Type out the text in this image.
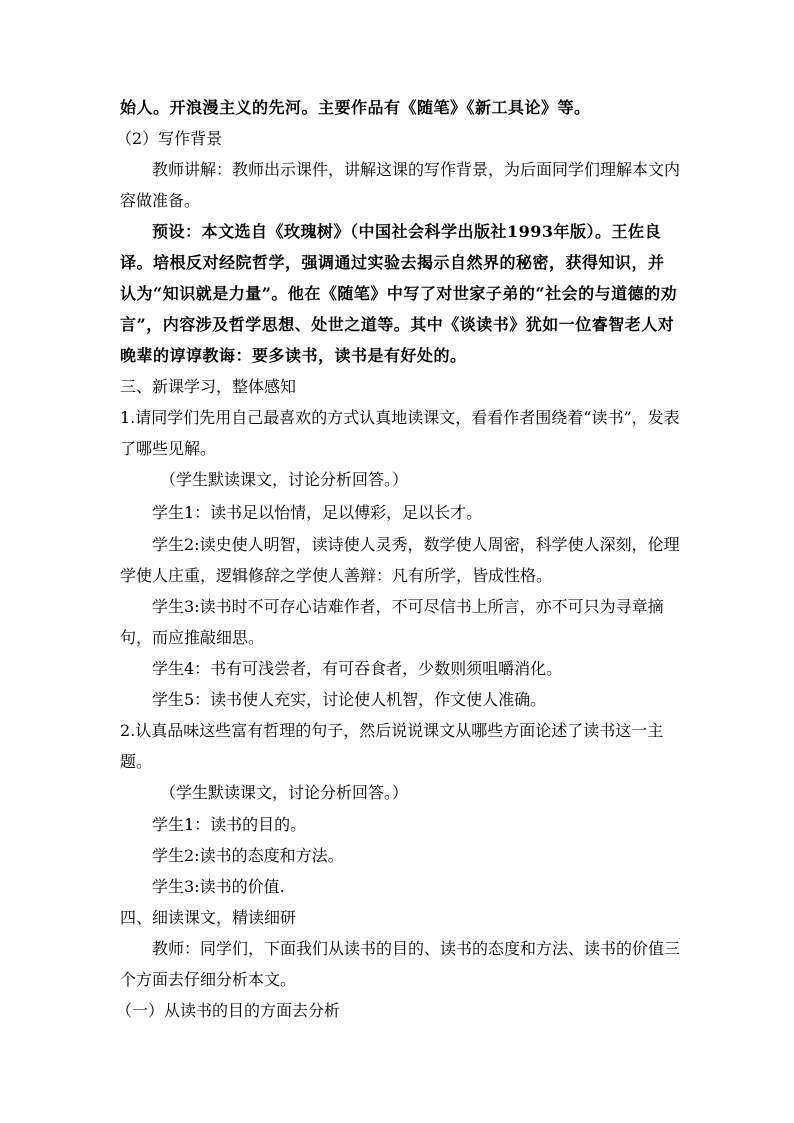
始人。开浪漫主义的先河。主要作品有《随笔》《新工具论》等。
（2）写作背景
教师讲解：教师出示课件，讲解这课的写作背景，为后面同学们理解本文内容做准备。
预设：本文选自《玫瑰树》（中国社会科学出版社1993年版）。王佐良译。培根反对经院哲学，强调通过实验去揭示自然界的秘密，获得知识，并认为“知识就是力量”。他在《随笔》中写了对世家子弟的“社会的与道德的劝言”，内容涉及哲学思想、处世之道等。其中《谈读书》犹如一位睿智老人对晚辈的谆谆教诲：要多读书，读书是有好处的。
三、新课学习，整体感知
1.请同学们先用自己最喜欢的方式认真地读课文，看看作者围绕着“读书”，发表了哪些见解。
（学生默读课文，讨论分析回答。）
学生1：读书足以怡情，足以傅彩，足以长才。
学生2:读史使人明智，读诗使人灵秀，数学使人周密，科学使人深刻，伦理学使人庄重，逻辑修辞之学使人善辩：凡有所学，皆成性格。
学生3:读书时不可存心诘难作者，不可尽信书上所言，亦不可只为寻章摘句，而应推敲细思。
学生4：书有可浅尝者，有可吞食者，少数则须咀嚼消化。
学生5：读书使人充实，讨论使人机智，作文使人准确。
2.认真品味这些富有哲理的句子，然后说说课文从哪些方面论述了读书这一主题。
（学生默读课文，讨论分析回答。）
学生1：读书的目的。
学生2:读书的态度和方法。
学生3:读书的价值.
四、细读课文，精读细研
教师：同学们，下面我们从读书的目的、读书的态度和方法、读书的价值三个方面去仔细分析本文。
（一）从读书的目的方面去分析
